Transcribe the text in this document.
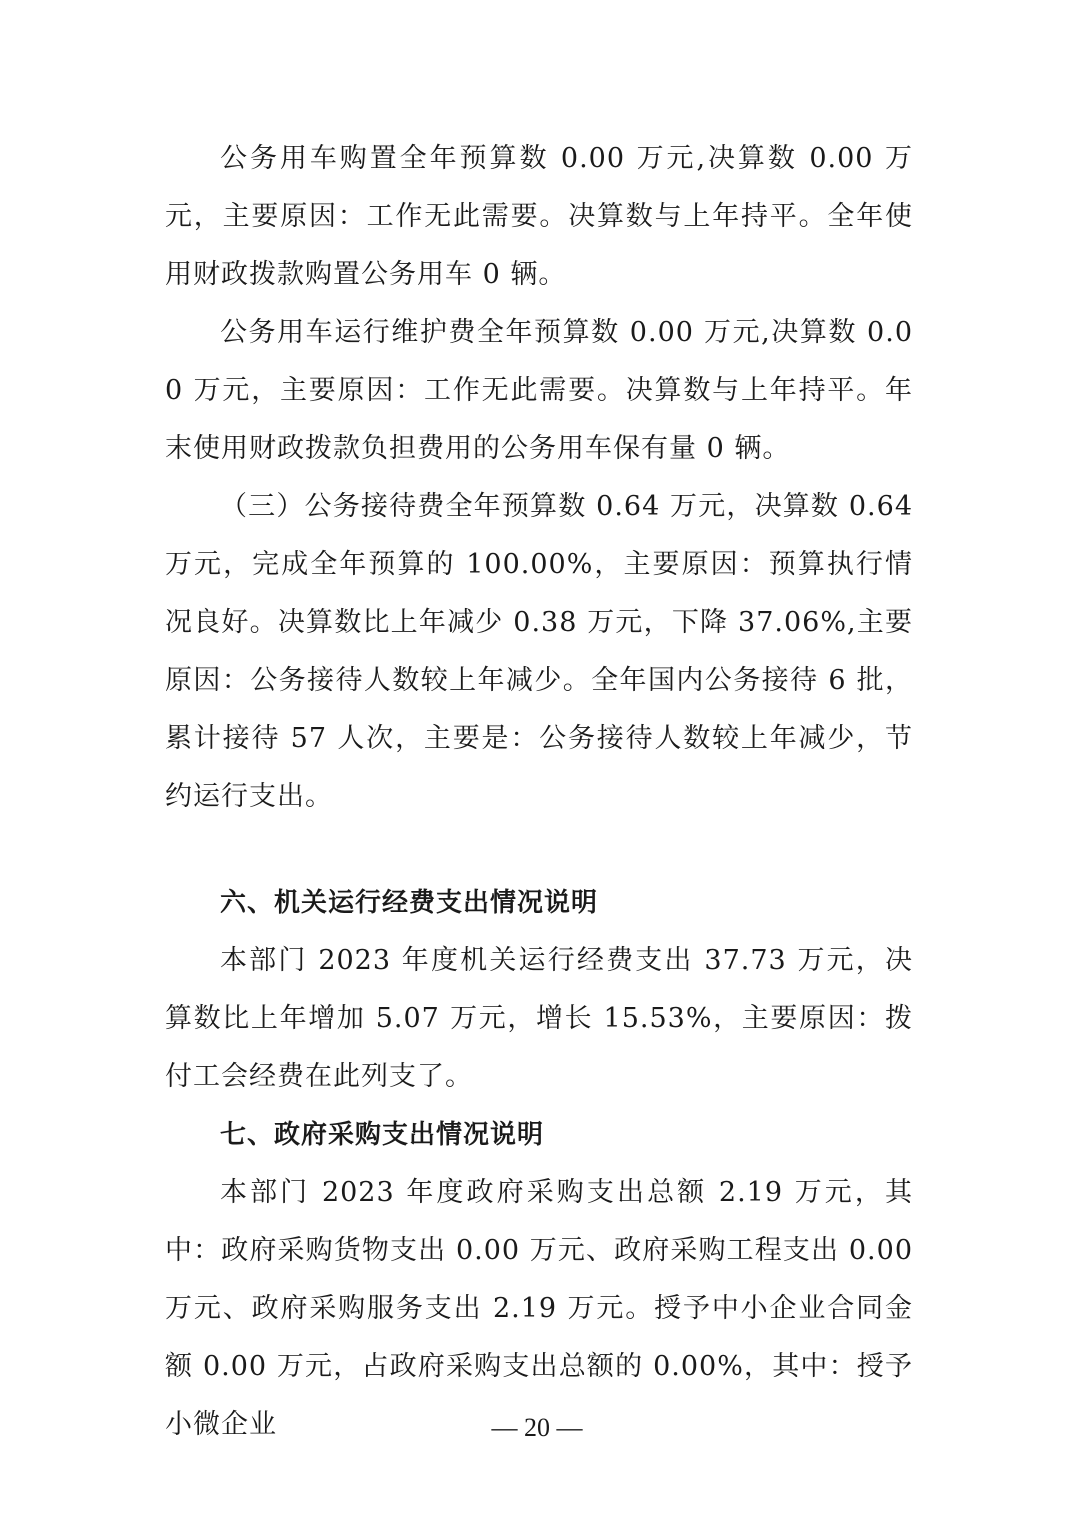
公务用车购置全年预算数 0.00 万元,决算数 0.00 万元，主要原因：工作无此需要。决算数与上年持平。全年使用财政拨款购置公务用车 0 辆。

公务用车运行维护费全年预算数 0.00 万元,决算数 0.00 万元，主要原因：工作无此需要。决算数与上年持平。年末使用财政拨款负担费用的公务用车保有量 0 辆。

（三）公务接待费全年预算数 0.64 万元，决算数 0.64 万元，完成全年预算的 100.00%，主要原因：预算执行情况良好。决算数比上年减少 0.38 万元，下降 37.06%,主要原因：公务接待人数较上年减少。全年国内公务接待 6 批，累计接待 57 人次，主要是：公务接待人数较上年减少，节约运行支出。

六、机关运行经费支出情况说明

本部门 2023 年度机关运行经费支出 37.73 万元，决算数比上年增加 5.07 万元，增长 15.53%，主要原因：拨付工会经费在此列支了。

七、政府采购支出情况说明

本部门 2023 年度政府采购支出总额 2.19 万元，其中：政府采购货物支出 0.00 万元、政府采购工程支出 0.00 万元、政府采购服务支出 2.19 万元。授予中小企业合同金额 0.00 万元，占政府采购支出总额的 0.00%，其中：授予小微企业	— 20 —
